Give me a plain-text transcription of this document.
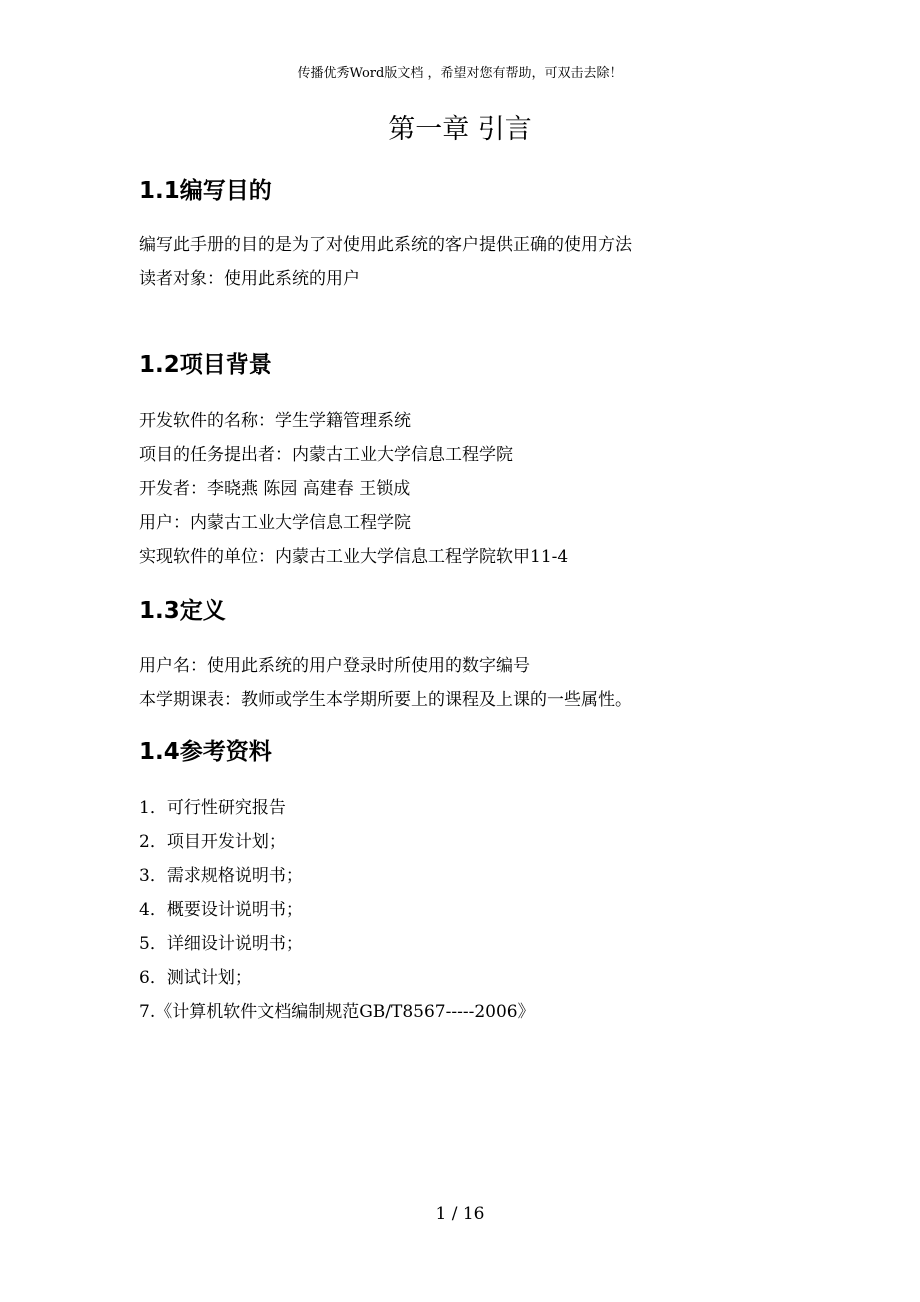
传播优秀Word版文档 ，希望对您有帮助，可双击去除！
第一章 引言
1.1编写目的

编写此手册的目的是为了对使用此系统的客户提供正确的使用方法

读者对象：使用此系统的用户

1.2项目背景

开发软件的名称：学生学籍管理系统

项目的任务提出者：内蒙古工业大学信息工程学院

开发者：李晓燕 陈园 高建春 王锁成

用户：内蒙古工业大学信息工程学院

实现软件的单位：内蒙古工业大学信息工程学院软甲11-4

1.3定义

用户名：使用此系统的用户登录时所使用的数字编号

本学期课表：教师或学生本学期所要上的课程及上课的一些属性。

1.4参考资料

1．可行性研究报告

2．项目开发计划；

3．需求规格说明书；

4．概要设计说明书；

5．详细设计说明书；

6．测试计划；

7.《计算机软件文档编制规范GB/T8567-----2006》

1 / 16
